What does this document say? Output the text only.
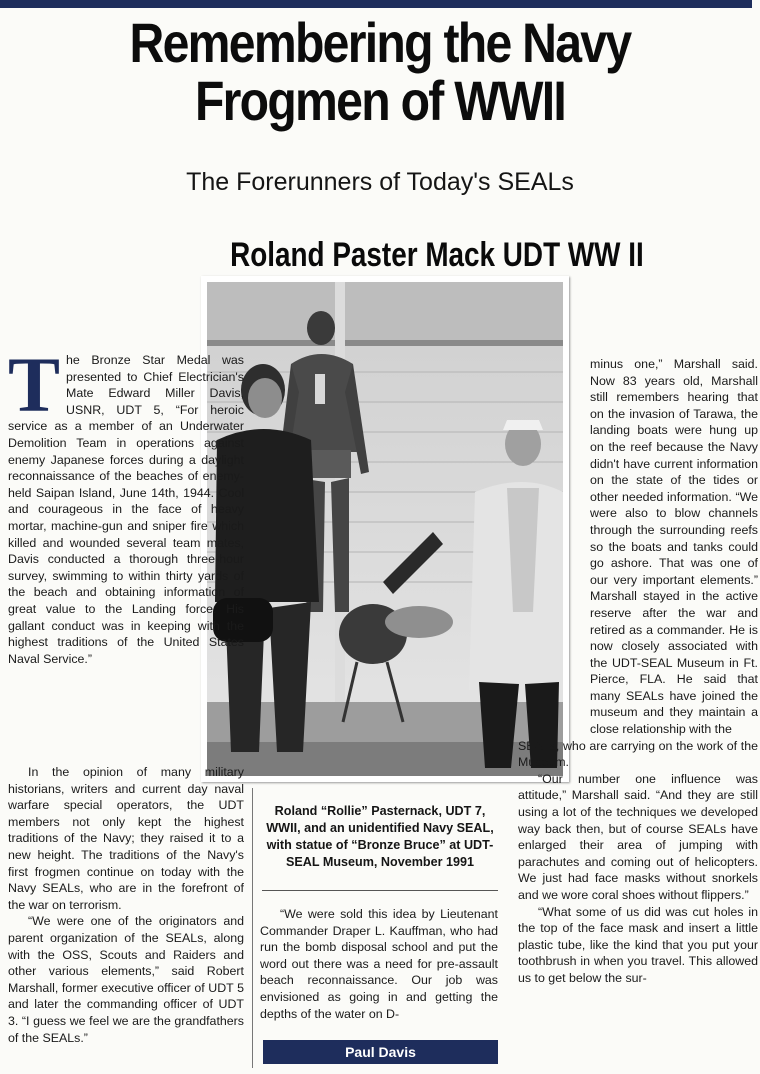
Remembering the Navy
Frogmen of WWII
The Forerunners of Today's SEALs
Roland Paster Mack UDT WW II
T he Bronze Star Medal was presented to Chief Electrician's Mate Edward Miller Davis, USNR, UDT 5, “For heroic service as a member of an Underwater Demolition Team in operations against enemy Japanese forces during a daylight reconnaissance of the beaches of enemy-held Saipan Island, June 14th, 1944. Cool and courageous in the face of heavy mortar, machine-gun and sniper fire which killed and wounded several team mates, Davis conducted a thorough three-hour survey, swimming to within thirty yards of the beach and obtaining information of great value to the Landing force. His gallant conduct was in keeping with the highest traditions of the United States Naval Service.”

In the opinion of many military historians, writers and current day naval warfare special operators, the UDT members not only kept the highest traditions of the Navy; they raised it to a new height. The traditions of the Navy's first frogmen continue on today with the Navy SEALs, who are in the forefront of the war on terrorism.

“We were one of the originators and parent organization of the SEALs, along with the OSS, Scouts and Raiders and other various elements,” said Robert Marshall, former executive officer of UDT 5 and later the commanding officer of UDT 3. “I guess we feel we are the grandfathers of the SEALs.”

Roland “Rollie” Pasternack, UDT 7, WWII, and an unidentified Navy SEAL, with statue of “Bronze Bruce” at UDT-SEAL Museum, November 1991

“We were sold this idea by Lieutenant Commander Draper L. Kauffman, who had run the bomb disposal school and put the word out there was a need for pre-assault beach reconnaissance. Our job was envisioned as going in and getting the depths of the water on D-

Paul Davis

minus one,” Marshall said. Now 83 years old, Marshall still remembers hearing that on the invasion of Tarawa, the landing boats were hung up on the reef because the Navy didn't have current information on the state of the tides or other needed information. “We were also to blow channels through the surrounding reefs so the boats and tanks could go ashore. That was one of our very important elements.” Marshall stayed in the active reserve after the war and retired as a commander. He is now closely associated with the UDT-SEAL Museum in Ft. Pierce, FLA. He said that many SEALs have joined the museum and they maintain a close relationship with the

SEALs, who are carrying on the work of the Museum.

“Our number one influence was attitude,” Marshall said. “And they are still using a lot of the techniques we developed way back then, but of course SEALs have enlarged their area of jumping with parachutes and coming out of helicopters. We just had face masks without snorkels and we wore coral shoes without flippers.”

“What some of us did was cut holes in the top of the face mask and insert a little plastic tube, like the kind that you put your toothbrush in when you travel. This allowed us to get below the sur-
